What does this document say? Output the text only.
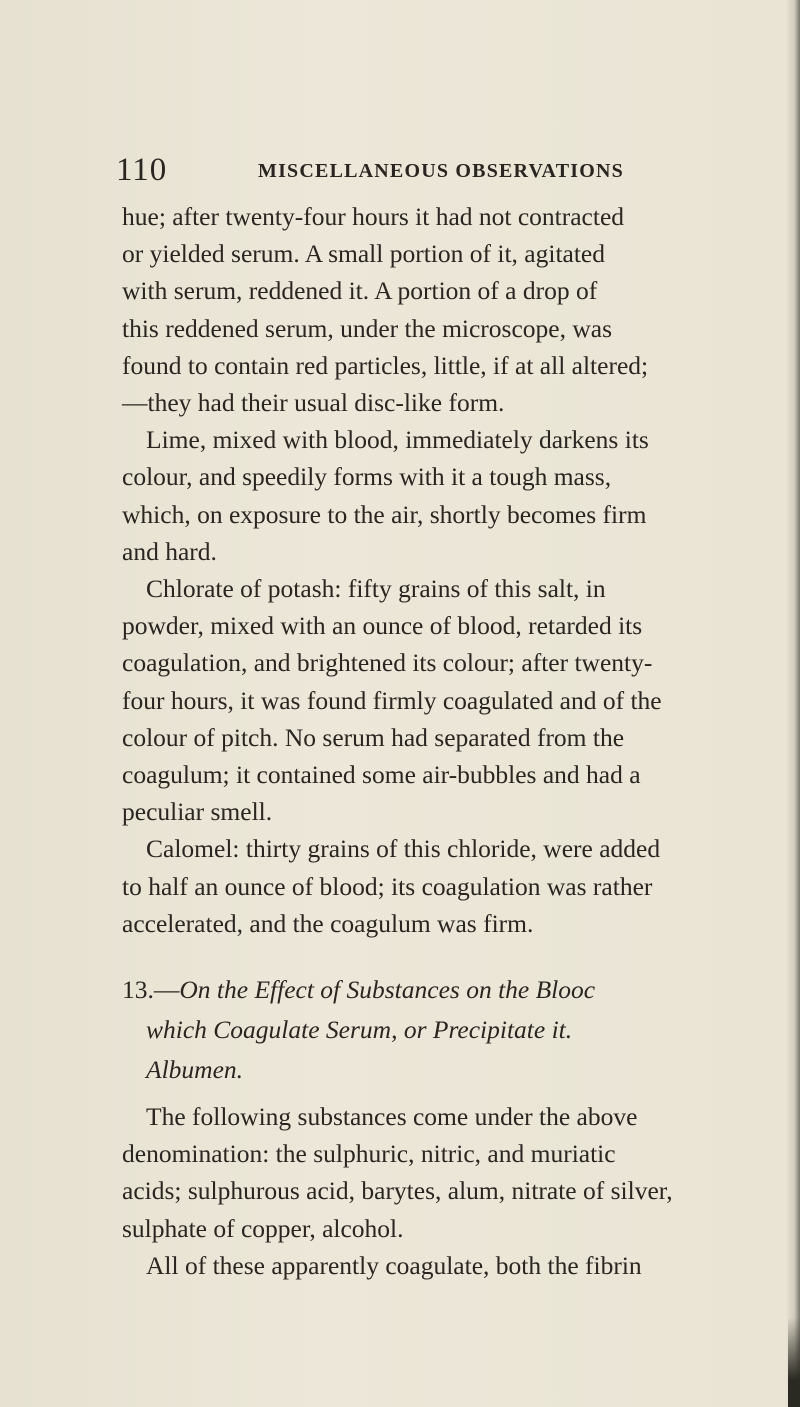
110	MISCELLANEOUS OBSERVATIONS

hue; after twenty-four hours it had not contracted
or yielded serum. A small portion of it, agitated
with serum, reddened it. A portion of a drop of
this reddened serum, under the microscope, was
found to contain red particles, little, if at all altered;
—they had their usual disc-like form.

Lime, mixed with blood, immediately darkens its
colour, and speedily forms with it a tough mass,
which, on exposure to the air, shortly becomes firm
and hard.

Chlorate of potash: fifty grains of this salt, in
powder, mixed with an ounce of blood, retarded its
coagulation, and brightened its colour; after twenty-
four hours, it was found firmly coagulated and of the
colour of pitch. No serum had separated from the
coagulum; it contained some air-bubbles and had a
peculiar smell.

Calomel: thirty grains of this chloride, were added
to half an ounce of blood; its coagulation was rather
accelerated, and the coagulum was firm.

13.—On the Effect of Substances on the Blooc
which Coagulate Serum, or Precipitate it.
Albumen.

The following substances come under the above
denomination: the sulphuric, nitric, and muriatic
acids; sulphurous acid, barytes, alum, nitrate of silver,
sulphate of copper, alcohol.

All of these apparently coagulate, both the fibrin
